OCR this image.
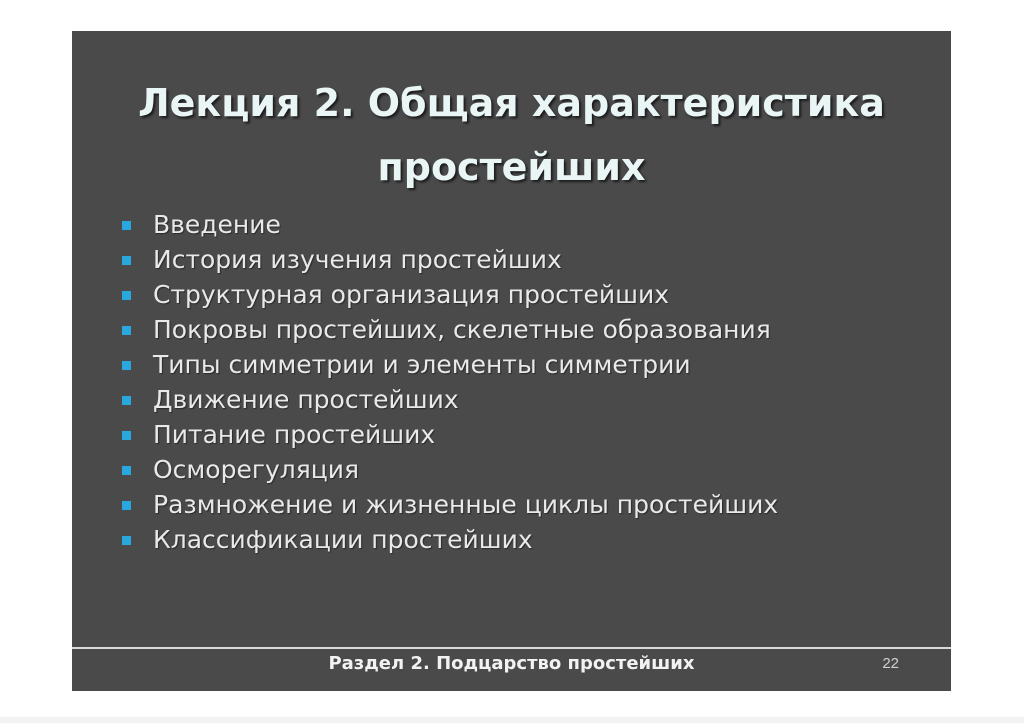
Лекция 2. Общая характеристика
простейших
Введение
История изучения простейших
Структурная организация простейших
Покровы простейших, скелетные образования
Типы симметрии и элементы симметрии
Движение простейших
Питание простейших
Осморегуляция
Размножение и жизненные циклы простейших
Классификации простейших
Раздел 2. Подцарство простейших	22
